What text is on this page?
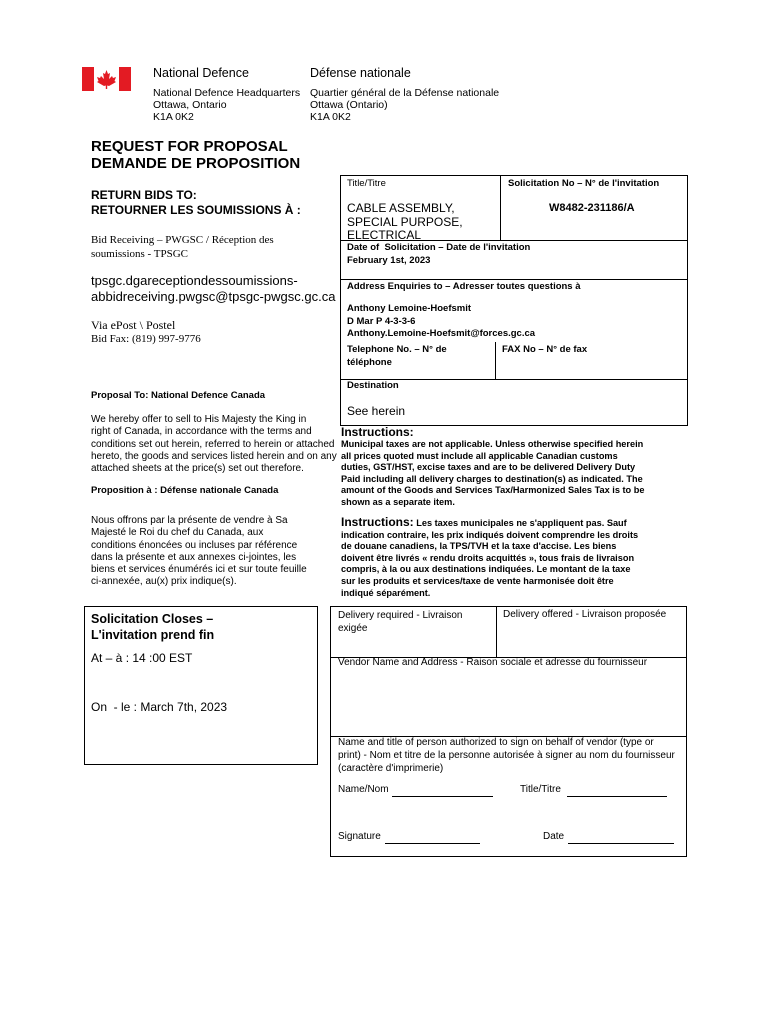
National Defence	Défense nationale
National Defence Headquarters
Ottawa, Ontario
K1A 0K2
Quartier général de la Défense nationale
Ottawa (Ontario)
K1A 0K2
REQUEST FOR PROPOSAL
DEMANDE DE PROPOSITION
RETURN BIDS TO:
RETOURNER LES SOUMISSIONS À :
Bid Receiving – PWGSC / Réception des
soumissions - TPSGC
tpsgc.dgareceptiondessoumissions-
abbidreceiving.pwgsc@tpsgc-pwgsc.gc.ca
Via ePost \ Postel
Bid Fax: (819) 997-9776
Proposal To: National Defence Canada
We hereby offer to sell to His Majesty the King in
right of Canada, in accordance with the terms and
conditions set out herein, referred to herein or attached
hereto, the goods and services listed herein and on any
attached sheets at the price(s) set out therefore.
Proposition à : Défense nationale Canada
Nous offrons par la présente de vendre à Sa
Majesté le Roi du chef du Canada, aux
conditions énoncées ou incluses par référence
dans la présente et aux annexes ci-jointes, les
biens et services énumérés ici et sur toute feuille
ci-annexée, au(x) prix indique(s).
Solicitation Closes –
L'invitation prend fin
At – à : 14 :00 EST
On  - le : March 7th, 2023
Title/Titre	Solicitation No – N° de l'invitation
CABLE ASSEMBLY,
SPECIAL PURPOSE,
ELECTRICAL
W8482-231186/A
Date of  Solicitation – Date de l'invitation
February 1st, 2023
Address Enquiries to – Adresser toutes questions à
Anthony Lemoine-Hoefsmit
D Mar P 4-3-3-6
Anthony.Lemoine-Hoefsmit@forces.gc.ca
Telephone No. – N° de
téléphone
FAX No – N° de fax
Destination
See herein
Instructions:
Municipal taxes are not applicable. Unless otherwise specified herein
all prices quoted must include all applicable Canadian customs
duties, GST/HST, excise taxes and are to be delivered Delivery Duty
Paid including all delivery charges to destination(s) as indicated. The
amount of the Goods and Services Tax/Harmonized Sales Tax is to be
shown as a separate item.
Instructions: Les taxes municipales ne s'appliquent pas. Sauf
indication contraire, les prix indiqués doivent comprendre les droits
de douane canadiens, la TPS/TVH et la taxe d'accise. Les biens
doivent être livrés « rendu droits acquittés », tous frais de livraison
compris, à la ou aux destinations indiquées. Le montant de la taxe
sur les produits et services/taxe de vente harmonisée doit être
indiqué séparément.
Delivery required - Livraison
exigée
Delivery offered - Livraison proposée
Vendor Name and Address - Raison sociale et adresse du fournisseur
Name and title of person authorized to sign on behalf of vendor (type or
print) - Nom et titre de la personne autorisée à signer au nom du fournisseur
(caractère d'imprimerie)
Name/Nom	Title/Titre
Signature	Date
